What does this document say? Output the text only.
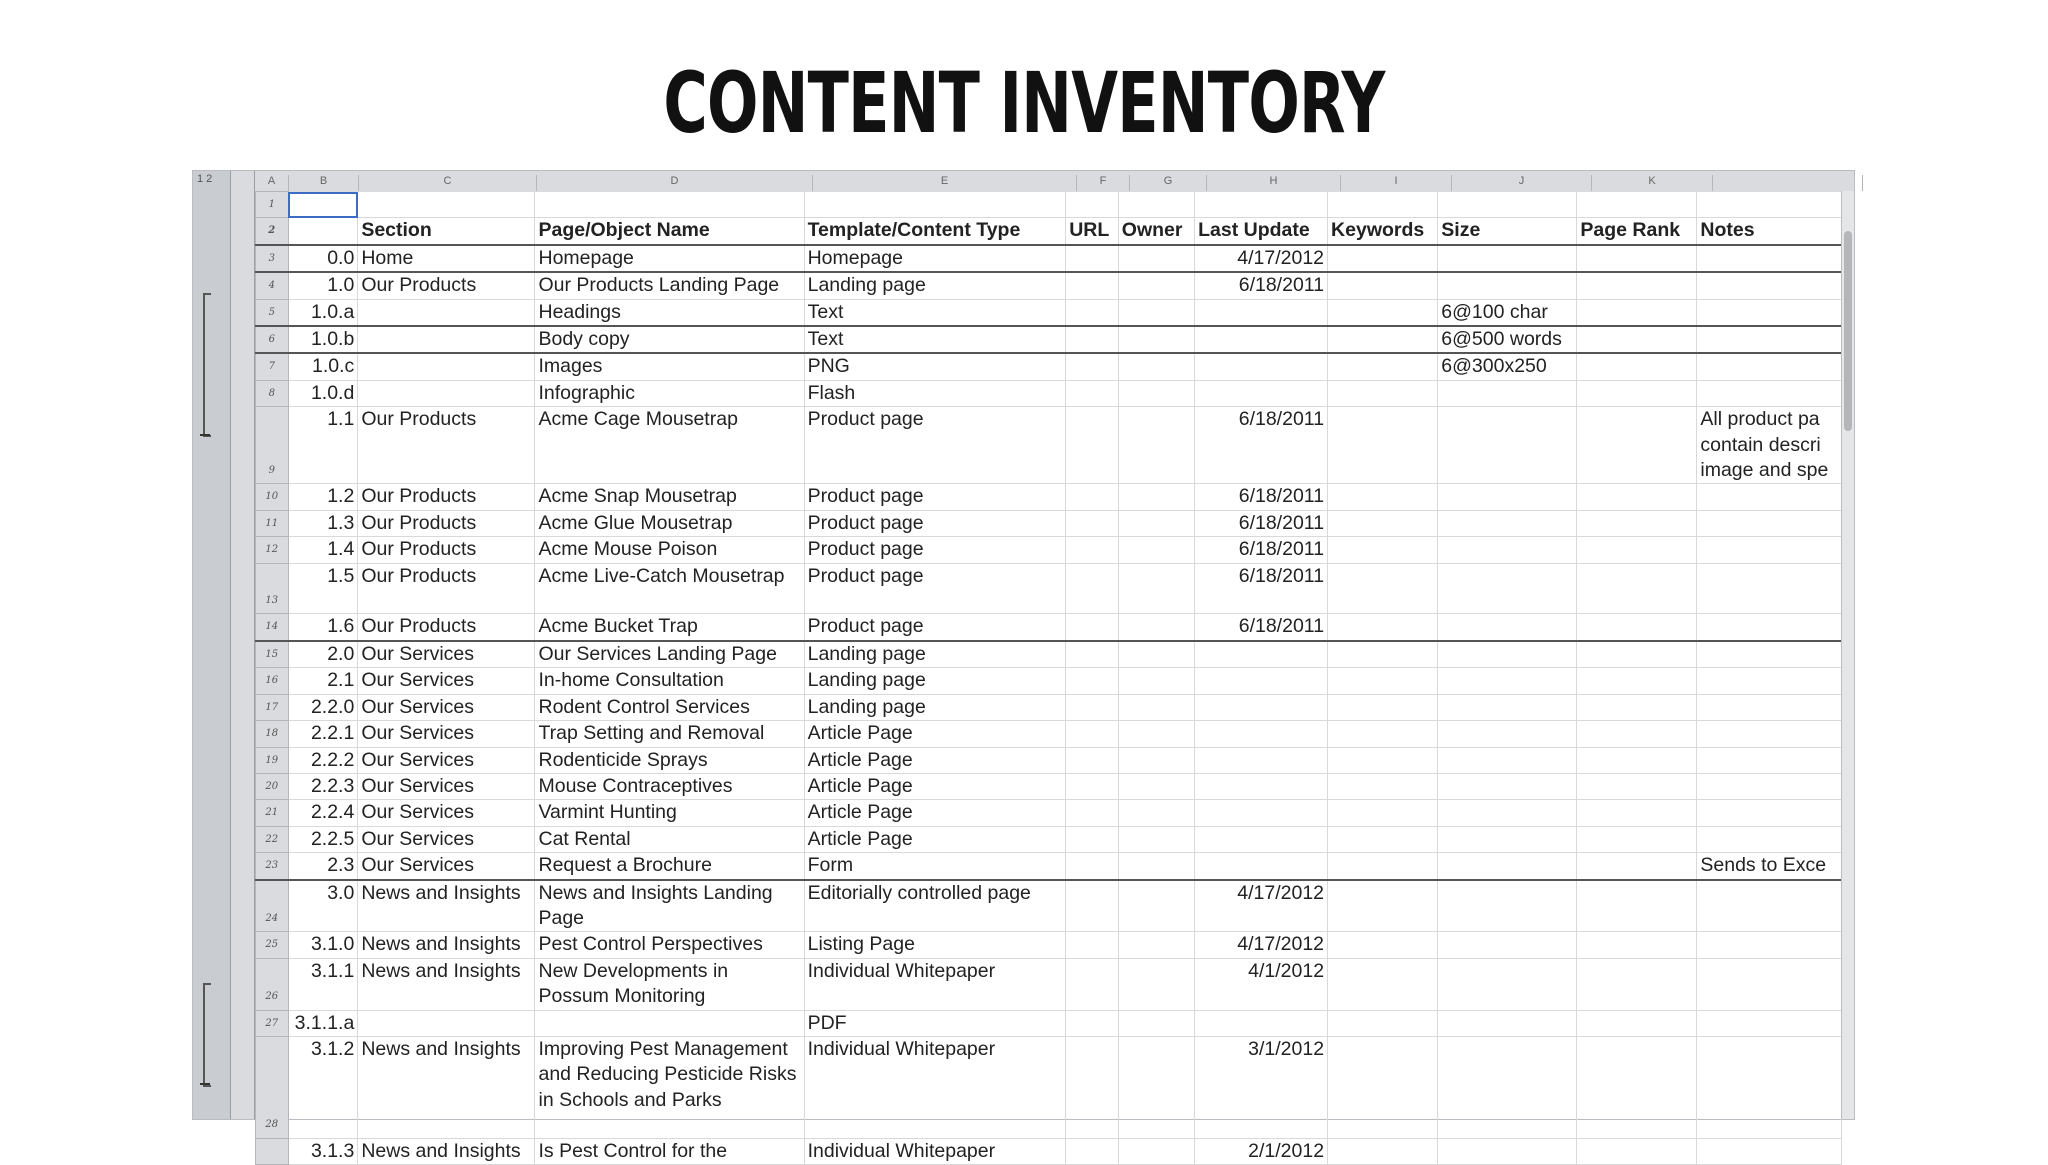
CONTENT INVENTORY
1 2	A	B	C	D	E	F	G	H	I	J	K
1											
2		Section	Page/Object Name	Template/Content Type	URL	Owner	Last Update	Keywords	Size	Page Rank	Notes
3	0.0	Home	Homepage	Homepage			4/17/2012				
4	1.0	Our Products	Our Products Landing Page	Landing page			6/18/2011				
5	1.0.a		Headings	Text					6@100 char		
6	1.0.b		Body copy	Text					6@500 words		
7	1.0.c		Images	PNG					6@300x250		
8	1.0.d		Infographic	Flash							
9	1.1	Our Products	Acme Cage Mousetrap	Product page			6/18/2011				All product pa contain descri image and spe
10	1.2	Our Products	Acme Snap Mousetrap	Product page			6/18/2011				
11	1.3	Our Products	Acme Glue Mousetrap	Product page			6/18/2011				
12	1.4	Our Products	Acme Mouse Poison	Product page			6/18/2011				
13	1.5	Our Products	Acme Live-Catch Mousetrap	Product page			6/18/2011				
14	1.6	Our Products	Acme Bucket Trap	Product page			6/18/2011				
15	2.0	Our Services	Our Services Landing Page	Landing page							
16	2.1	Our Services	In-home Consultation	Landing page							
17	2.2.0	Our Services	Rodent Control Services	Landing page							
18	2.2.1	Our Services	Trap Setting and Removal	Article Page							
19	2.2.2	Our Services	Rodenticide Sprays	Article Page							
20	2.2.3	Our Services	Mouse Contraceptives	Article Page							
21	2.2.4	Our Services	Varmint Hunting	Article Page							
22	2.2.5	Our Services	Cat Rental	Article Page							
23	2.3	Our Services	Request a Brochure	Form							Sends to Exce
24	3.0	News and Insights	News and Insights Landing Page	Editorially controlled page			4/17/2012				
25	3.1.0	News and Insights	Pest Control Perspectives	Listing Page			4/17/2012				
26	3.1.1	News and Insights	New Developments in Possum Monitoring	Individual Whitepaper			4/1/2012				
27	3.1.1.a			PDF							
28	3.1.2	News and Insights	Improving Pest Management and Reducing Pesticide Risks in Schools and Parks	Individual Whitepaper			3/1/2012				
	3.1.3	News and Insights	Is Pest Control for the	Individual Whitepaper			2/1/2012				
